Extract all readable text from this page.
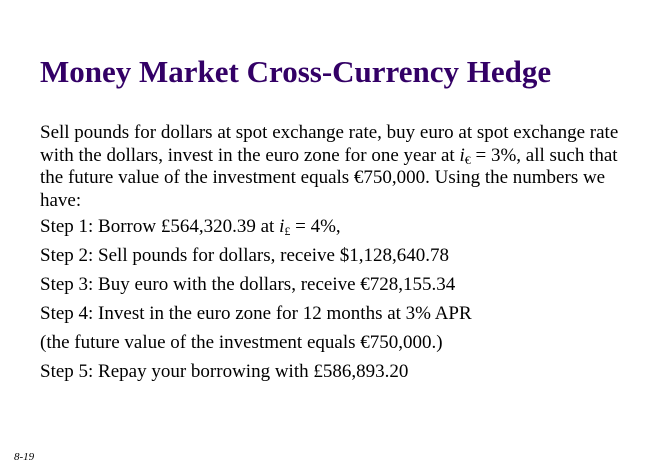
Money Market Cross-Currency Hedge
Sell pounds for dollars at spot exchange rate, buy euro at spot exchange rate with the dollars, invest in the euro zone for one year at $i_€ = 3\%$, all such that the future value of the investment equals €750,000. Using the numbers we have:
Step 1: Borrow £564,320.39 at $i_£ = 4\%$,
Step 2: Sell pounds for dollars, receive $1,128,640.78
Step 3: Buy euro with the dollars, receive €728,155.34
Step 4: Invest in the euro zone for 12 months at 3% APR
(the future value of the investment equals €750,000.)
Step 5: Repay your borrowing with £586,893.20
8-19
